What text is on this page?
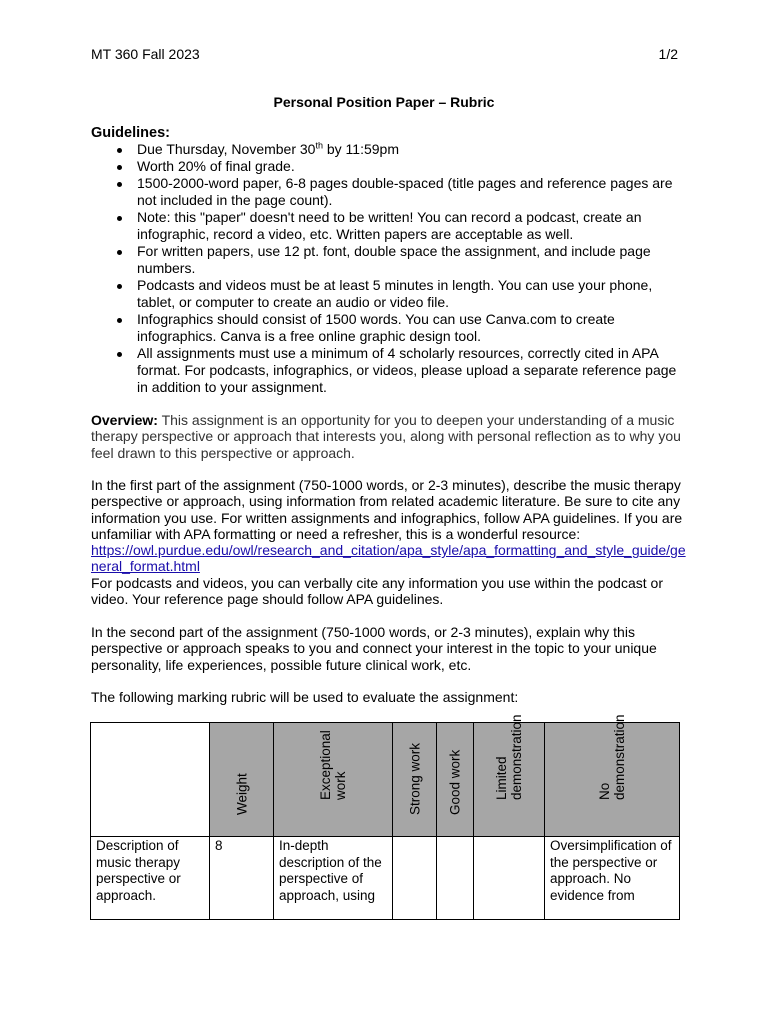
MT 360 Fall 2023	1/2
Personal Position Paper – Rubric
Guidelines:
Due Thursday, November 30th by 11:59pm
Worth 20% of final grade.
1500-2000-word paper, 6-8 pages double-spaced (title pages and reference pages are not included in the page count).
Note: this "paper" doesn't need to be written! You can record a podcast, create an infographic, record a video, etc. Written papers are acceptable as well.
For written papers, use 12 pt. font, double space the assignment, and include page numbers.
Podcasts and videos must be at least 5 minutes in length. You can use your phone, tablet, or computer to create an audio or video file.
Infographics should consist of 1500 words. You can use Canva.com to create infographics. Canva is a free online graphic design tool.
All assignments must use a minimum of 4 scholarly resources, correctly cited in APA format. For podcasts, infographics, or videos, please upload a separate reference page in addition to your assignment.

Overview: This assignment is an opportunity for you to deepen your understanding of a music therapy perspective or approach that interests you, along with personal reflection as to why you feel drawn to this perspective or approach.

In the first part of the assignment (750-1000 words, or 2-3 minutes), describe the music therapy perspective or approach, using information from related academic literature. Be sure to cite any information you use. For written assignments and infographics, follow APA guidelines. If you are unfamiliar with APA formatting or need a refresher, this is a wonderful resource:
https://owl.purdue.edu/owl/research_and_citation/apa_style/apa_formatting_and_style_guide/ge
neral_format.html
For podcasts and videos, you can verbally cite any information you use within the podcast or video. Your reference page should follow APA guidelines.

In the second part of the assignment (750-1000 words, or 2-3 minutes), explain why this perspective or approach speaks to you and connect your interest in the topic to your unique personality, life experiences, possible future clinical work, etc.

The following marking rubric will be used to evaluate the assignment:

	Weight	Exceptional work	Strong work	Good work	Limited demonstration	No demonstration

Description of music therapy perspective or approach.	8	In-depth description of the perspective of approach, using				Oversimplification of the perspective or approach. No evidence from
